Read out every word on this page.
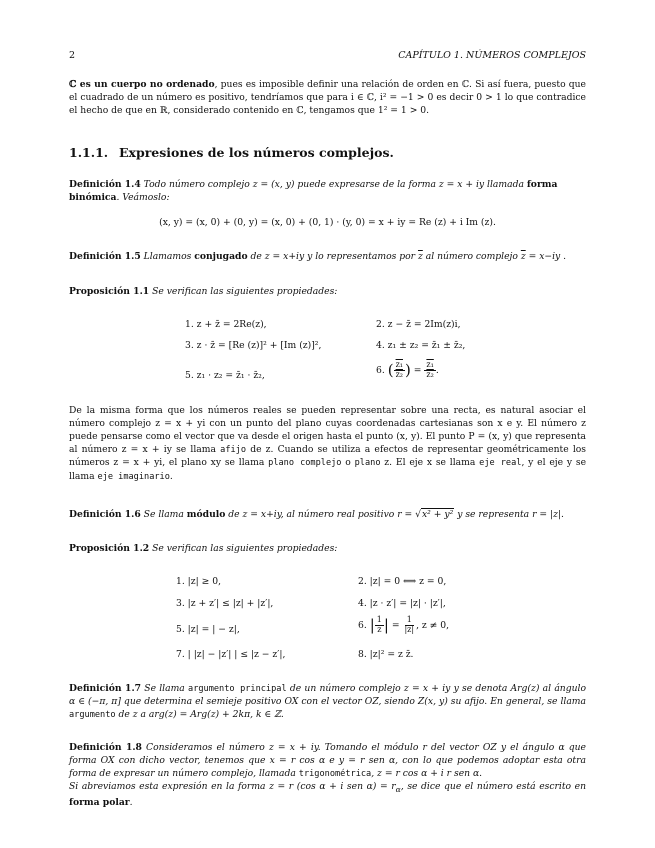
2	CAPÍTULO 1. NÚMEROS COMPLEJOS
ℂ es un cuerpo no ordenado, pues es imposible definir una relación de orden en ℂ. Si así fuera, puesto que el cuadrado de un número es positivo, tendríamos que para i ∈ ℂ, i² = −1 > 0 es decir 0 > 1 lo que contradice el hecho de que en ℝ, considerado contenido en ℂ, tengamos que 1² = 1 > 0.
1.1.1. Expresiones de los números complejos.
Definición 1.4 Todo número complejo z = (x, y) puede expresarse de la forma z = x + iy llamada forma binómica. Veámoslo:
(x, y) = (x, 0) + (0, y) = (x, 0) + (0, 1) · (y, 0) = x + iy = Re (z) + i Im (z).
Definición 1.5 Llamamos conjugado de z = x+iy y lo representamos por $\overline{z}$ al número complejo $\overline{z} = x-iy$ .
Proposición 1.1 Se verifican las siguientes propiedades:
1. z + z̄ = 2Re(z),	2. z − z̄ = 2Im(z)i,
3. z · z̄ = [Re (z)]² + [Im (z)]²,	4. z₁ ± z₂ = z̄₁ ± z̄₂,
5. z₁ · z₂ = z̄₁ · z̄₂,	6. ( $\frac{\text{z₁}}{\text{z₂}}$ ) = $\frac{\text{z₁}}{\text{z₂}}$ .
De la misma forma que los números reales se pueden representar sobre una recta, es natural asociar el número complejo z = x + yi con un punto del plano cuyas coordenadas cartesianas son x e y. El número z puede pensarse como el vector que va desde el origen hasta el punto (x, y). El punto P = (x, y) que representa al número z = x + iy se llama afijo de z. Cuando se utiliza a efectos de representar geométricamente los números z = x + yi, el plano xy se llama plano complejo o plano z. El eje x se llama eje real, y el eje y se llama eje imaginario.
Definición 1.6 Se llama módulo de z = x+iy, al número real positivo r = √x² + y² y se representa r = |z|.
Proposición 1.2 Se verifican las siguientes propiedades:
1. |z| ≥ 0,	2. |z| = 0 ⟺ z = 0,
3. |z + z′| ≤ |z| + |z′|,	4. |z · z′| = |z| · |z′|,
5. |z| = | − z|,	6. | $\frac{1}{z}$ | = $\frac{1}{|z|}$ , z ≠ 0,
7. | |z| − |z′| | ≤ |z − z′|,	8. |z|² = z z̄.
Definición 1.7 Se llama argumento principal de un número complejo z = x + iy y se denota Arg(z) al ángulo α ∈ (−π, π] que determina el semieje positivo OX con el vector OZ, siendo Z(x, y) su afijo. En general, se llama argumento de z a arg(z) = Arg(z) + 2kπ, k ∈ ℤ.
Definición 1.8 Consideramos el número z = x + iy. Tomando el módulo r del vector OZ y el ángulo α que forma OX con dicho vector, tenemos que x = r cos α e y = r sen α, con lo que podemos adoptar esta otra forma de expresar un número complejo, llamada trigonométrica, z = r cos α + i r sen α.
Si abreviamos esta expresión en la forma z = r (cos α + i sen $\alpha) = r_\alpha$, se dice que el número está escrito en forma polar.
